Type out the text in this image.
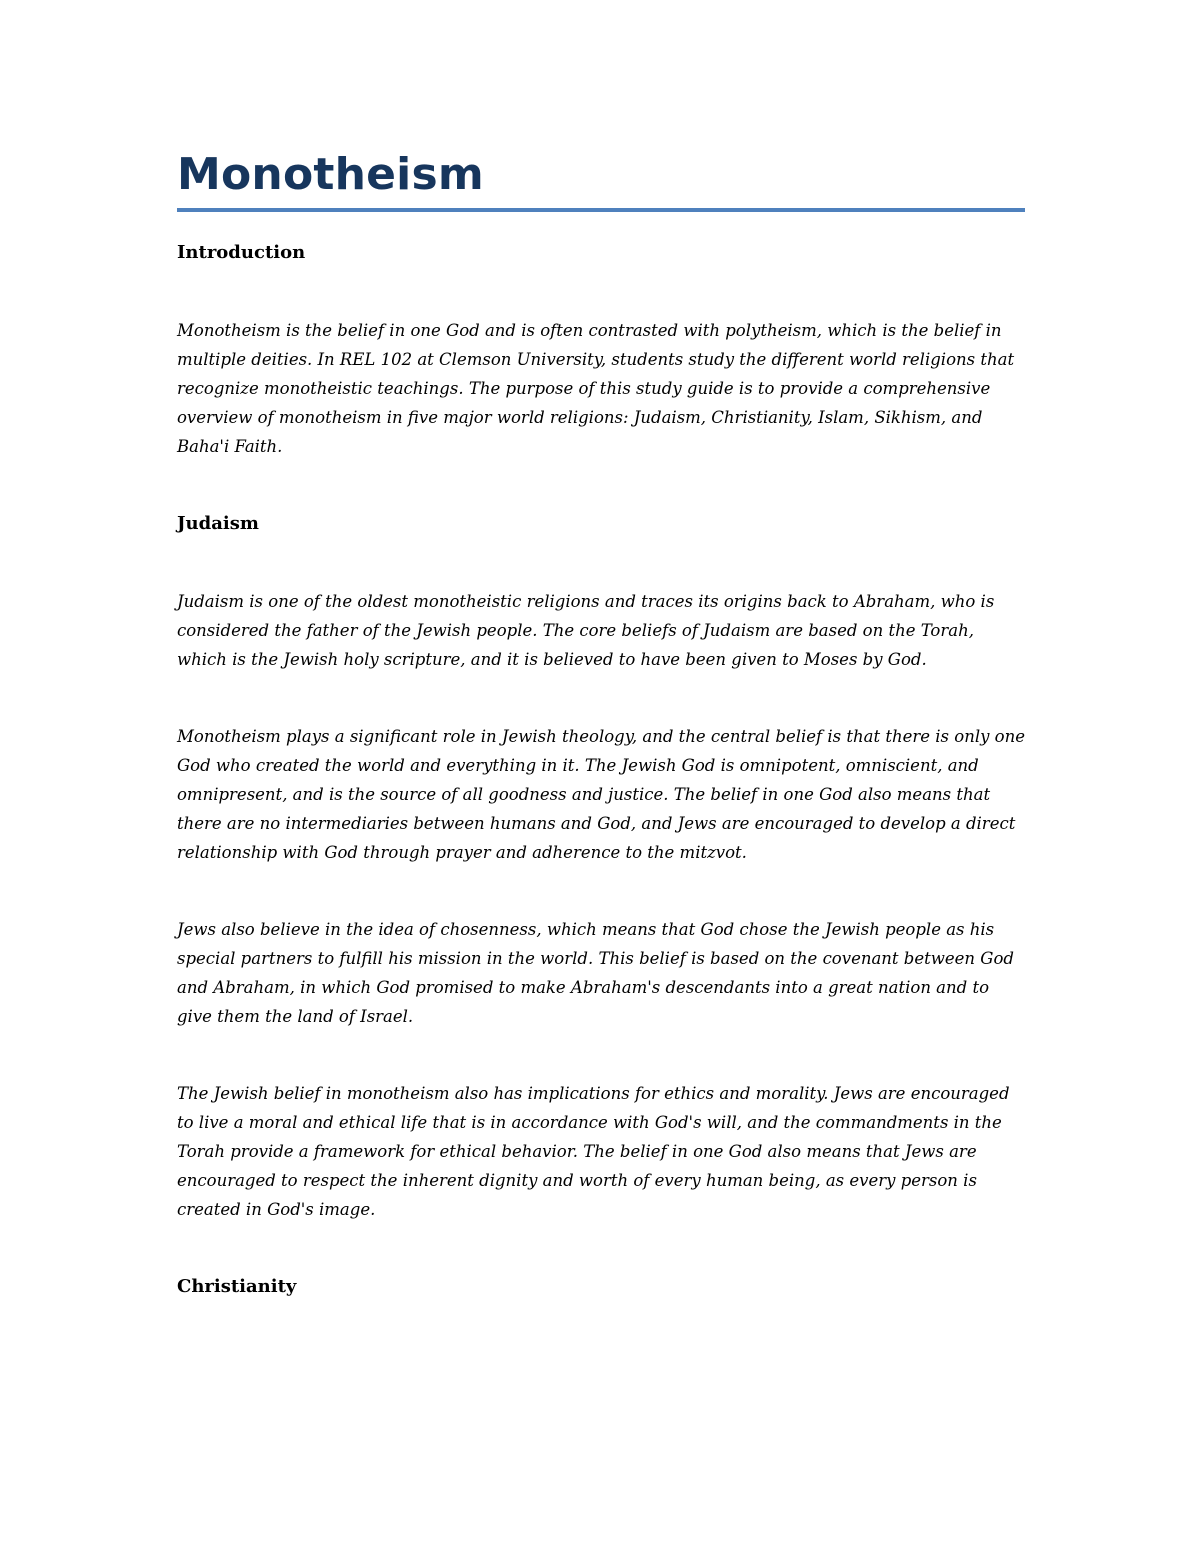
Monotheism
Introduction

Monotheism is the belief in one God and is often contrasted with polytheism, which is the belief in multiple deities. In REL 102 at Clemson University, students study the different world religions that recognize monotheistic teachings. The purpose of this study guide is to provide a comprehensive overview of monotheism in five major world religions: Judaism, Christianity, Islam, Sikhism, and Baha'i Faith.

Judaism

Judaism is one of the oldest monotheistic religions and traces its origins back to Abraham, who is considered the father of the Jewish people. The core beliefs of Judaism are based on the Torah, which is the Jewish holy scripture, and it is believed to have been given to Moses by God.

Monotheism plays a significant role in Jewish theology, and the central belief is that there is only one God who created the world and everything in it. The Jewish God is omnipotent, omniscient, and omnipresent, and is the source of all goodness and justice. The belief in one God also means that there are no intermediaries between humans and God, and Jews are encouraged to develop a direct relationship with God through prayer and adherence to the mitzvot.

Jews also believe in the idea of chosenness, which means that God chose the Jewish people as his special partners to fulfill his mission in the world. This belief is based on the covenant between God and Abraham, in which God promised to make Abraham's descendants into a great nation and to give them the land of Israel.

The Jewish belief in monotheism also has implications for ethics and morality. Jews are encouraged to live a moral and ethical life that is in accordance with God's will, and the commandments in the Torah provide a framework for ethical behavior. The belief in one God also means that Jews are encouraged to respect the inherent dignity and worth of every human being, as every person is created in God's image.

Christianity
